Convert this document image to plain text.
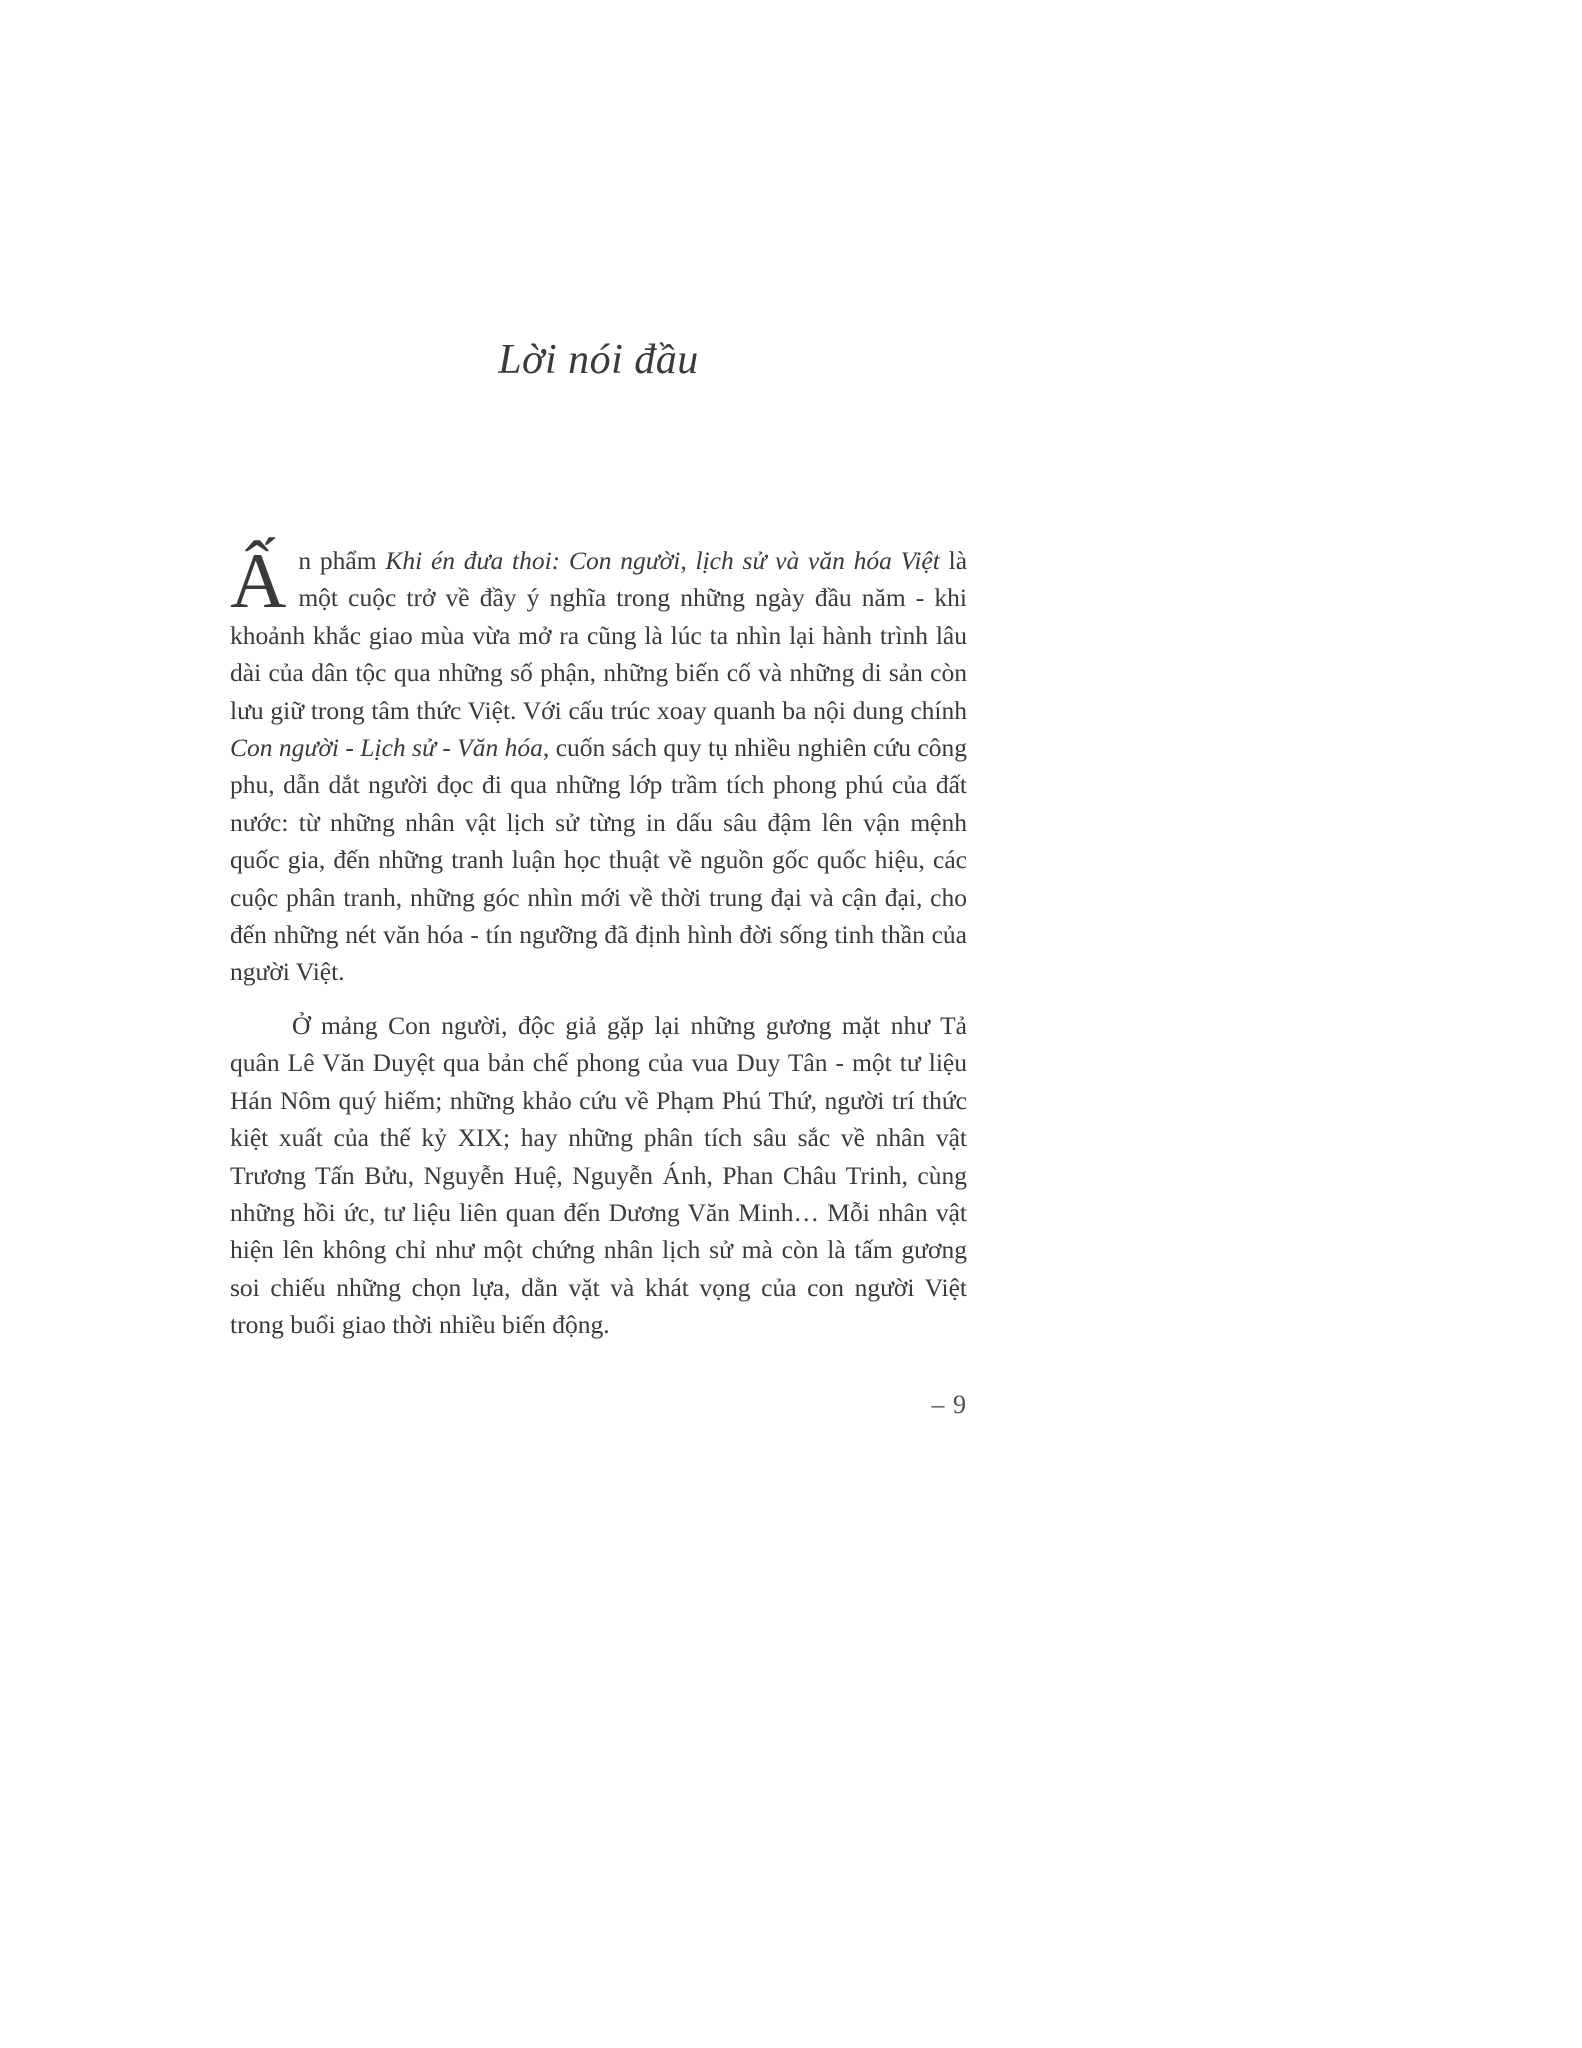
Lời nói đầu

Ấn phẩm Khi én đưa thoi: Con người, lịch sử và văn hóa Việt là một cuộc trở về đầy ý nghĩa trong những ngày đầu năm - khi khoảnh khắc giao mùa vừa mở ra cũng là lúc ta nhìn lại hành trình lâu dài của dân tộc qua những số phận, những biến cố và những di sản còn lưu giữ trong tâm thức Việt. Với cấu trúc xoay quanh ba nội dung chính Con người - Lịch sử - Văn hóa, cuốn sách quy tụ nhiều nghiên cứu công phu, dẫn dắt người đọc đi qua những lớp trầm tích phong phú của đất nước: từ những nhân vật lịch sử từng in dấu sâu đậm lên vận mệnh quốc gia, đến những tranh luận học thuật về nguồn gốc quốc hiệu, các cuộc phân tranh, những góc nhìn mới về thời trung đại và cận đại, cho đến những nét văn hóa - tín ngưỡng đã định hình đời sống tinh thần của người Việt.

Ở mảng Con người, độc giả gặp lại những gương mặt như Tả quân Lê Văn Duyệt qua bản chế phong của vua Duy Tân - một tư liệu Hán Nôm quý hiếm; những khảo cứu về Phạm Phú Thứ, người trí thức kiệt xuất của thế kỷ XIX; hay những phân tích sâu sắc về nhân vật Trương Tấn Bửu, Nguyễn Huệ, Nguyễn Ánh, Phan Châu Trinh, cùng những hồi ức, tư liệu liên quan đến Dương Văn Minh… Mỗi nhân vật hiện lên không chỉ như một chứng nhân lịch sử mà còn là tấm gương soi chiếu những chọn lựa, dằn vặt và khát vọng của con người Việt trong buổi giao thời nhiều biến động.

– 9
